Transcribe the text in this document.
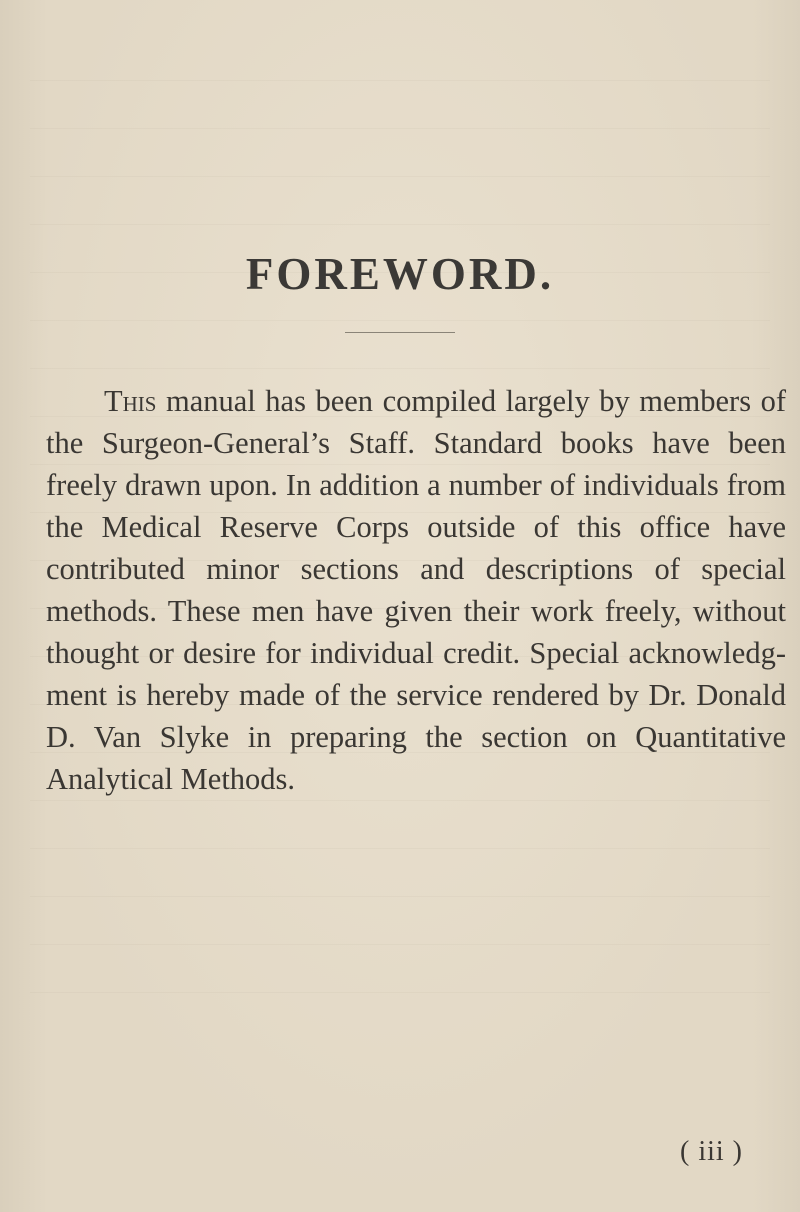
FOREWORD.

This manual has been compiled largely by members of the Surgeon-General’s Staff. Standard books have been freely drawn upon. In addition a number of individuals from the Medical Reserve Corps outside of this office have contributed minor sections and descriptions of special methods. These men have given their work freely, without thought or desire for individual credit. Special acknowledgment is hereby made of the service rendered by Dr. Donald D. Van Slyke in preparing the section on Quantitative Analytical Methods.

( iii )
